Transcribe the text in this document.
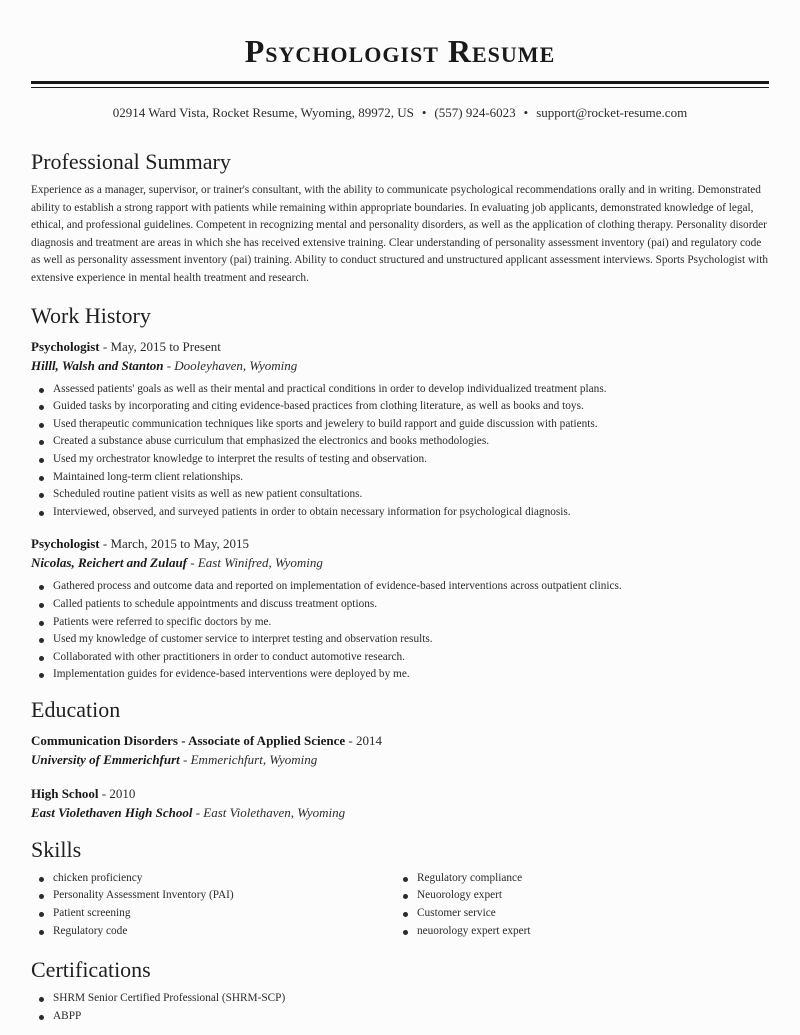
Psychologist Resume
02914 Ward Vista, Rocket Resume, Wyoming, 89972, US • (557) 924-6023 • support@rocket-resume.com
Professional Summary

Experience as a manager, supervisor, or trainer's consultant, with the ability to communicate psychological recommendations orally and in writing. Demonstrated ability to establish a strong rapport with patients while remaining within appropriate boundaries. In evaluating job applicants, demonstrated knowledge of legal, ethical, and professional guidelines. Competent in recognizing mental and personality disorders, as well as the application of clothing therapy. Personality disorder diagnosis and treatment are areas in which she has received extensive training. Clear understanding of personality assessment inventory (pai) and regulatory code as well as personality assessment inventory (pai) training. Ability to conduct structured and unstructured applicant assessment interviews. Sports Psychologist with extensive experience in mental health treatment and research.

Work History
Psychologist - May, 2015 to Present
Hilll, Walsh and Stanton - Dooleyhaven, Wyoming
Assessed patients' goals as well as their mental and practical conditions in order to develop individualized treatment plans.
Guided tasks by incorporating and citing evidence-based practices from clothing literature, as well as books and toys.
Used therapeutic communication techniques like sports and jewelery to build rapport and guide discussion with patients.
Created a substance abuse curriculum that emphasized the electronics and books methodologies.
Used my orchestrator knowledge to interpret the results of testing and observation.
Maintained long-term client relationships.
Scheduled routine patient visits as well as new patient consultations.
Interviewed, observed, and surveyed patients in order to obtain necessary information for psychological diagnosis.
Psychologist - March, 2015 to May, 2015
Nicolas, Reichert and Zulauf - East Winifred, Wyoming
Gathered process and outcome data and reported on implementation of evidence-based interventions across outpatient clinics.
Called patients to schedule appointments and discuss treatment options.
Patients were referred to specific doctors by me.
Used my knowledge of customer service to interpret testing and observation results.
Collaborated with other practitioners in order to conduct automotive research.
Implementation guides for evidence-based interventions were deployed by me.
Education
Communication Disorders - Associate of Applied Science - 2014
University of Emmerichfurt - Emmerichfurt, Wyoming
High School - 2010
East Violethaven High School - East Violethaven, Wyoming
Skills
chicken proficiency
Personality Assessment Inventory (PAI)
Patient screening
Regulatory code
Regulatory compliance
Neuorology expert
Customer service
neuorology expert expert
Certifications
SHRM Senior Certified Professional (SHRM-SCP)
ABPP
